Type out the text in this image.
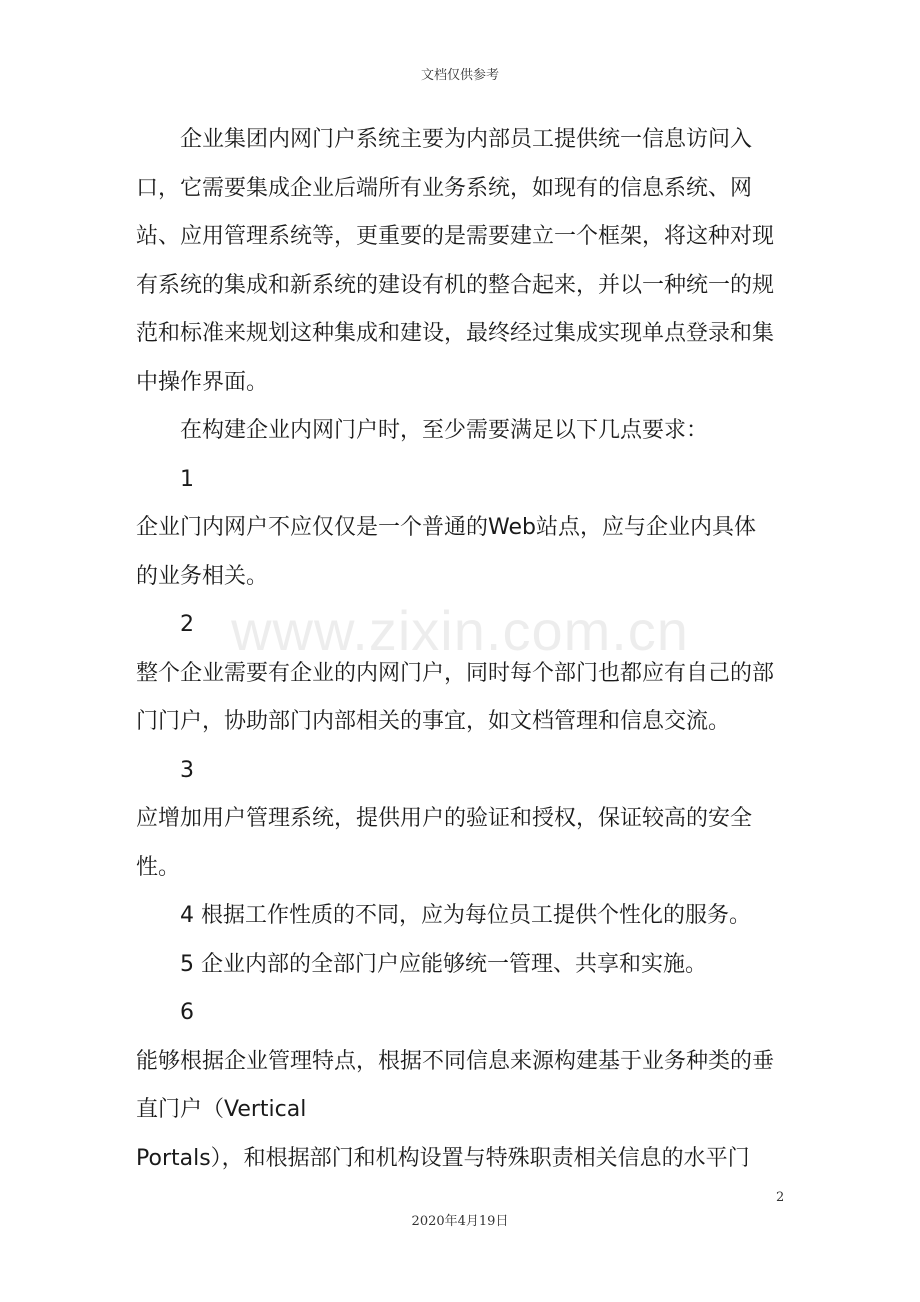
文档仅供参考
www.zixin.com.cn

企业集团内网门户系统主要为内部员工提供统一信息访问入口，它需要集成企业后端所有业务系统，如现有的信息系统、网站、应用管理系统等，更重要的是需要建立一个框架，将这种对现有系统的集成和新系统的建设有机的整合起来，并以一种统一的规范和标准来规划这种集成和建设，最终经过集成实现单点登录和集中操作界面。

在构建企业内网门户时，至少需要满足以下几点要求：

1

企业门内网户不应仅仅是一个普通的Web站点，应与企业内具体的业务相关。

2

整个企业需要有企业的内网门户，同时每个部门也都应有自己的部门门户，协助部门内部相关的事宜，如文档管理和信息交流。

3

应增加用户管理系统，提供用户的验证和授权，保证较高的安全性。

4 根据工作性质的不同，应为每位员工提供个性化的服务。

5 企业内部的全部门户应能够统一管理、共享和实施。

6

能够根据企业管理特点，根据不同信息来源构建基于业务种类的垂直门户（Vertical

Portals），和根据部门和机构设置与特殊职责相关信息的水平门

2
2020年4月19日
